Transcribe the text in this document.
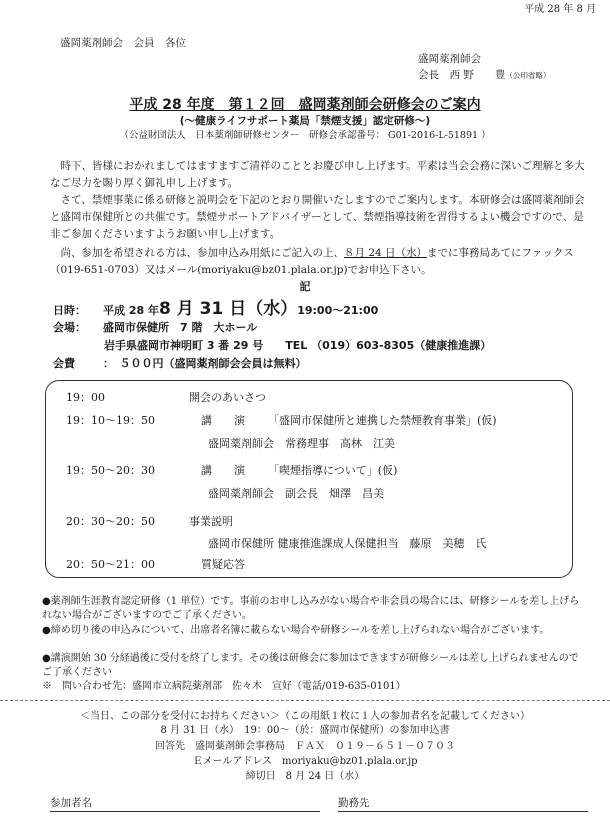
平成 28 年 8 月
盛岡薬剤師会　会員　各位
盛岡薬剤師会
会長　西 野　　豊（公印省略）
平成 28 年度　第１２回　盛岡薬剤師会研修会のご案内
(〜健康ライフサポート薬局「禁煙支援」認定研修〜)
（公益財団法人　日本薬剤師研修センター　研修会承認番号： G01-2016-L-51891 ）
　時下、皆様におかれましてはますますご清祥のこととお慶び申し上げます。平素は当会会務に深いご理解と多大なご尽力を賜り厚く御礼申し上げます。
　さて、禁煙事業に係る研修と説明会を下記のとおり開催いたしますのでご案内します。本研修会は盛岡薬剤師会と盛岡市保健所との共催です。禁煙サポートアドバイザーとして、禁煙指導技術を習得するよい機会ですので、是非ご参加くださいますようお願い申し上げます。
　尚、参加を希望される方は、参加申込み用紙にご記入の上、８月 24 日（水）までに事務局あてにファックス（019-651-0703）又はメール(moriyaku@bz01.plala.or.jp)でお申込下さい。
記
日時： 平成 28 年8 月 31 日（水）19:00〜21:00
会場： 盛岡市保健所　7 階　大ホール
岩手県盛岡市神明町 3 番 29 号　　 TEL （019）603-8305（健康推進課）
会費	：　５００円（盛岡薬剤師会会員は無料）
19：00	開会のあいさつ
19：10〜19：50	講　　演 「盛岡市保健所と連携した禁煙教育事業」(仮)
盛岡薬剤師会　常務理事　高林　江美
19：50〜20：30	講　　演 「喫煙指導について」(仮)
盛岡薬剤師会　副会長　畑澤　昌美
20：30〜20：50	事業説明
盛岡市保健所 健康推進課成人保健担当　藤原　美穂　氏
20：50〜21：00	質疑応答
●薬剤師生涯教育認定研修（1 単位）です。事前のお申し込みがない場合や非会員の場合には、研修シールを差し上げられない場合がございますのでご了承ください。
●締め切り後の申込みについて、出席者名簿に載らない場合や研修シールを差し上げられない場合がございます。
●講演開始 30 分経過後に受付を終了します。その後は研修会に参加はできますが研修シールは差し上げられませんのでご了承ください
※　問い合わせ先：盛岡市立病院薬剤部　佐々木　宣好（電話/019-635-0101）
＜当日、この部分を受付にお持ちください＞（この用紙１枚に１人の参加者名を記載してください）
8 月 31 日（水）　19：00〜（於：盛岡市保健所）の参加申込書
回答先　盛岡薬剤師会事務局　ＦＡＸ　０１９－６５１－０７０３
Ｅメールアドレス　moriyaku@bz01.plala.or.jp
締切日　8 月 24 日（水）
参加者名	勤務先
